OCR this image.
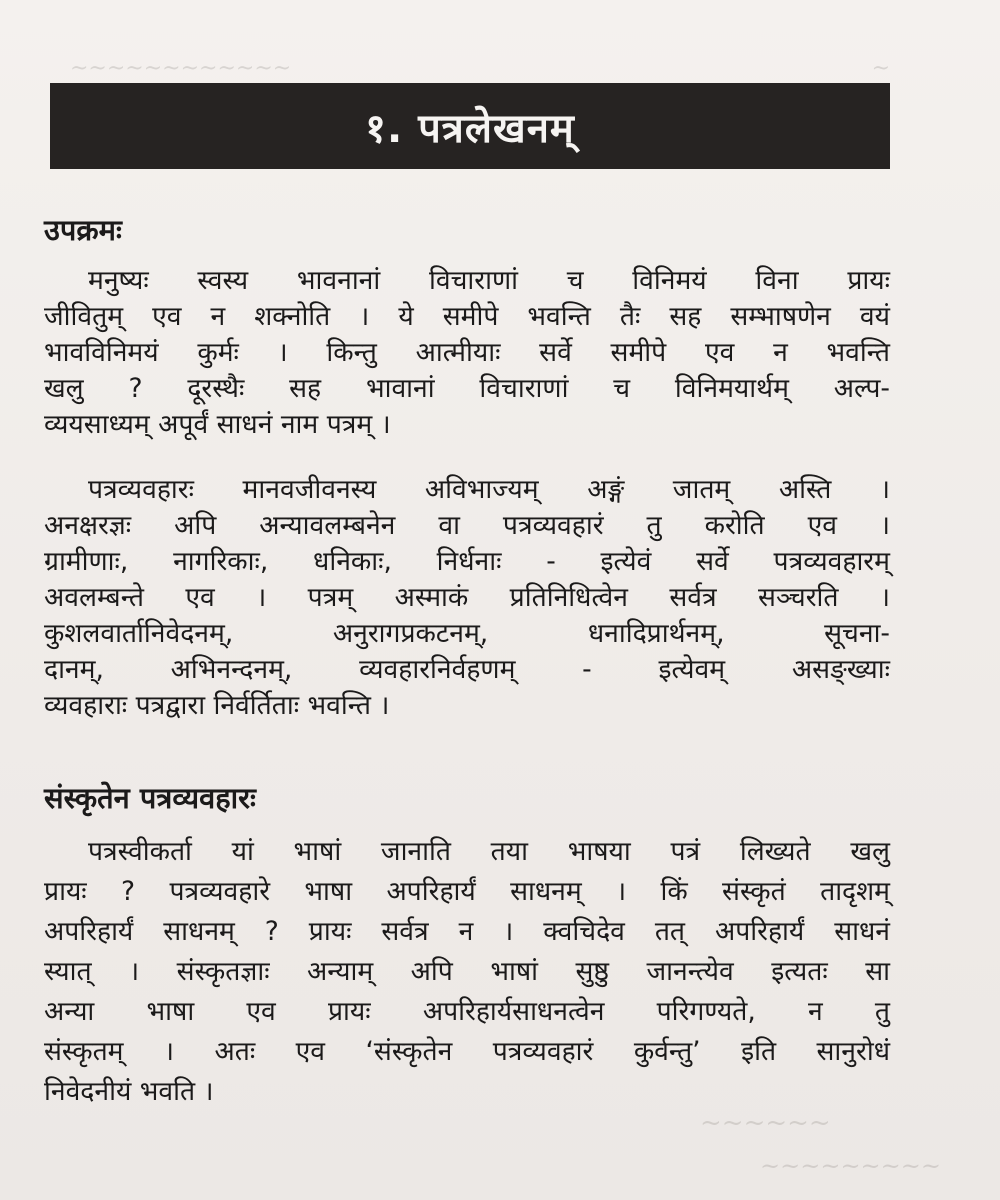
~~~~~~~~~~~~	~
~~~~~~
~~~~~~~~~
१. पत्रलेखनम्
उपक्रमः
मनुष्यः स्वस्य भावनानां विचाराणां च विनिमयं विना प्रायः
जीवितुम् एव न शक्नोति । ये समीपे भवन्ति तैः सह सम्भाषणेन वयं
भावविनिमयं कुर्मः । किन्तु आत्मीयाः सर्वे समीपे एव न भवन्ति
खलु ? दूरस्थैः सह भावानां विचाराणां च विनिमयार्थम् अल्प-
व्ययसाध्यम् अपूर्वं साधनं नाम पत्रम् ।
पत्रव्यवहारः मानवजीवनस्य अविभाज्यम् अङ्गं जातम् अस्ति ।
अनक्षरज्ञः अपि अन्यावलम्बनेन वा पत्रव्यवहारं तु करोति एव ।
ग्रामीणाः, नागरिकाः, धनिकाः, निर्धनाः - इत्येवं सर्वे पत्रव्यवहारम्
अवलम्बन्ते एव । पत्रम् अस्माकं प्रतिनिधित्वेन सर्वत्र सञ्चरति ।
कुशलवार्तानिवेदनम्, अनुरागप्रकटनम्, धनादिप्रार्थनम्, सूचना-
दानम्, अभिनन्दनम्, व्यवहारनिर्वहणम् - इत्येवम् असङ्ख्याः
व्यवहाराः पत्रद्वारा निर्वर्तिताः भवन्ति ।
संस्कृतेन पत्रव्यवहारः
पत्रस्वीकर्ता यां भाषां जानाति तया भाषया पत्रं लिख्यते खलु
प्रायः ? पत्रव्यवहारे भाषा अपरिहार्यं साधनम् । किं संस्कृतं तादृशम्
अपरिहार्यं साधनम् ? प्रायः सर्वत्र न । क्वचिदेव तत् अपरिहार्यं साधनं
स्यात् । संस्कृतज्ञाः अन्याम् अपि भाषां सुष्ठु जानन्त्येव इत्यतः सा
अन्या भाषा एव प्रायः अपरिहार्यसाधनत्वेन परिगण्यते, न तु
संस्कृतम् । अतः एव ‘संस्कृतेन पत्रव्यवहारं कुर्वन्तु’ इति सानुरोधं
निवेदनीयं भवति ।
